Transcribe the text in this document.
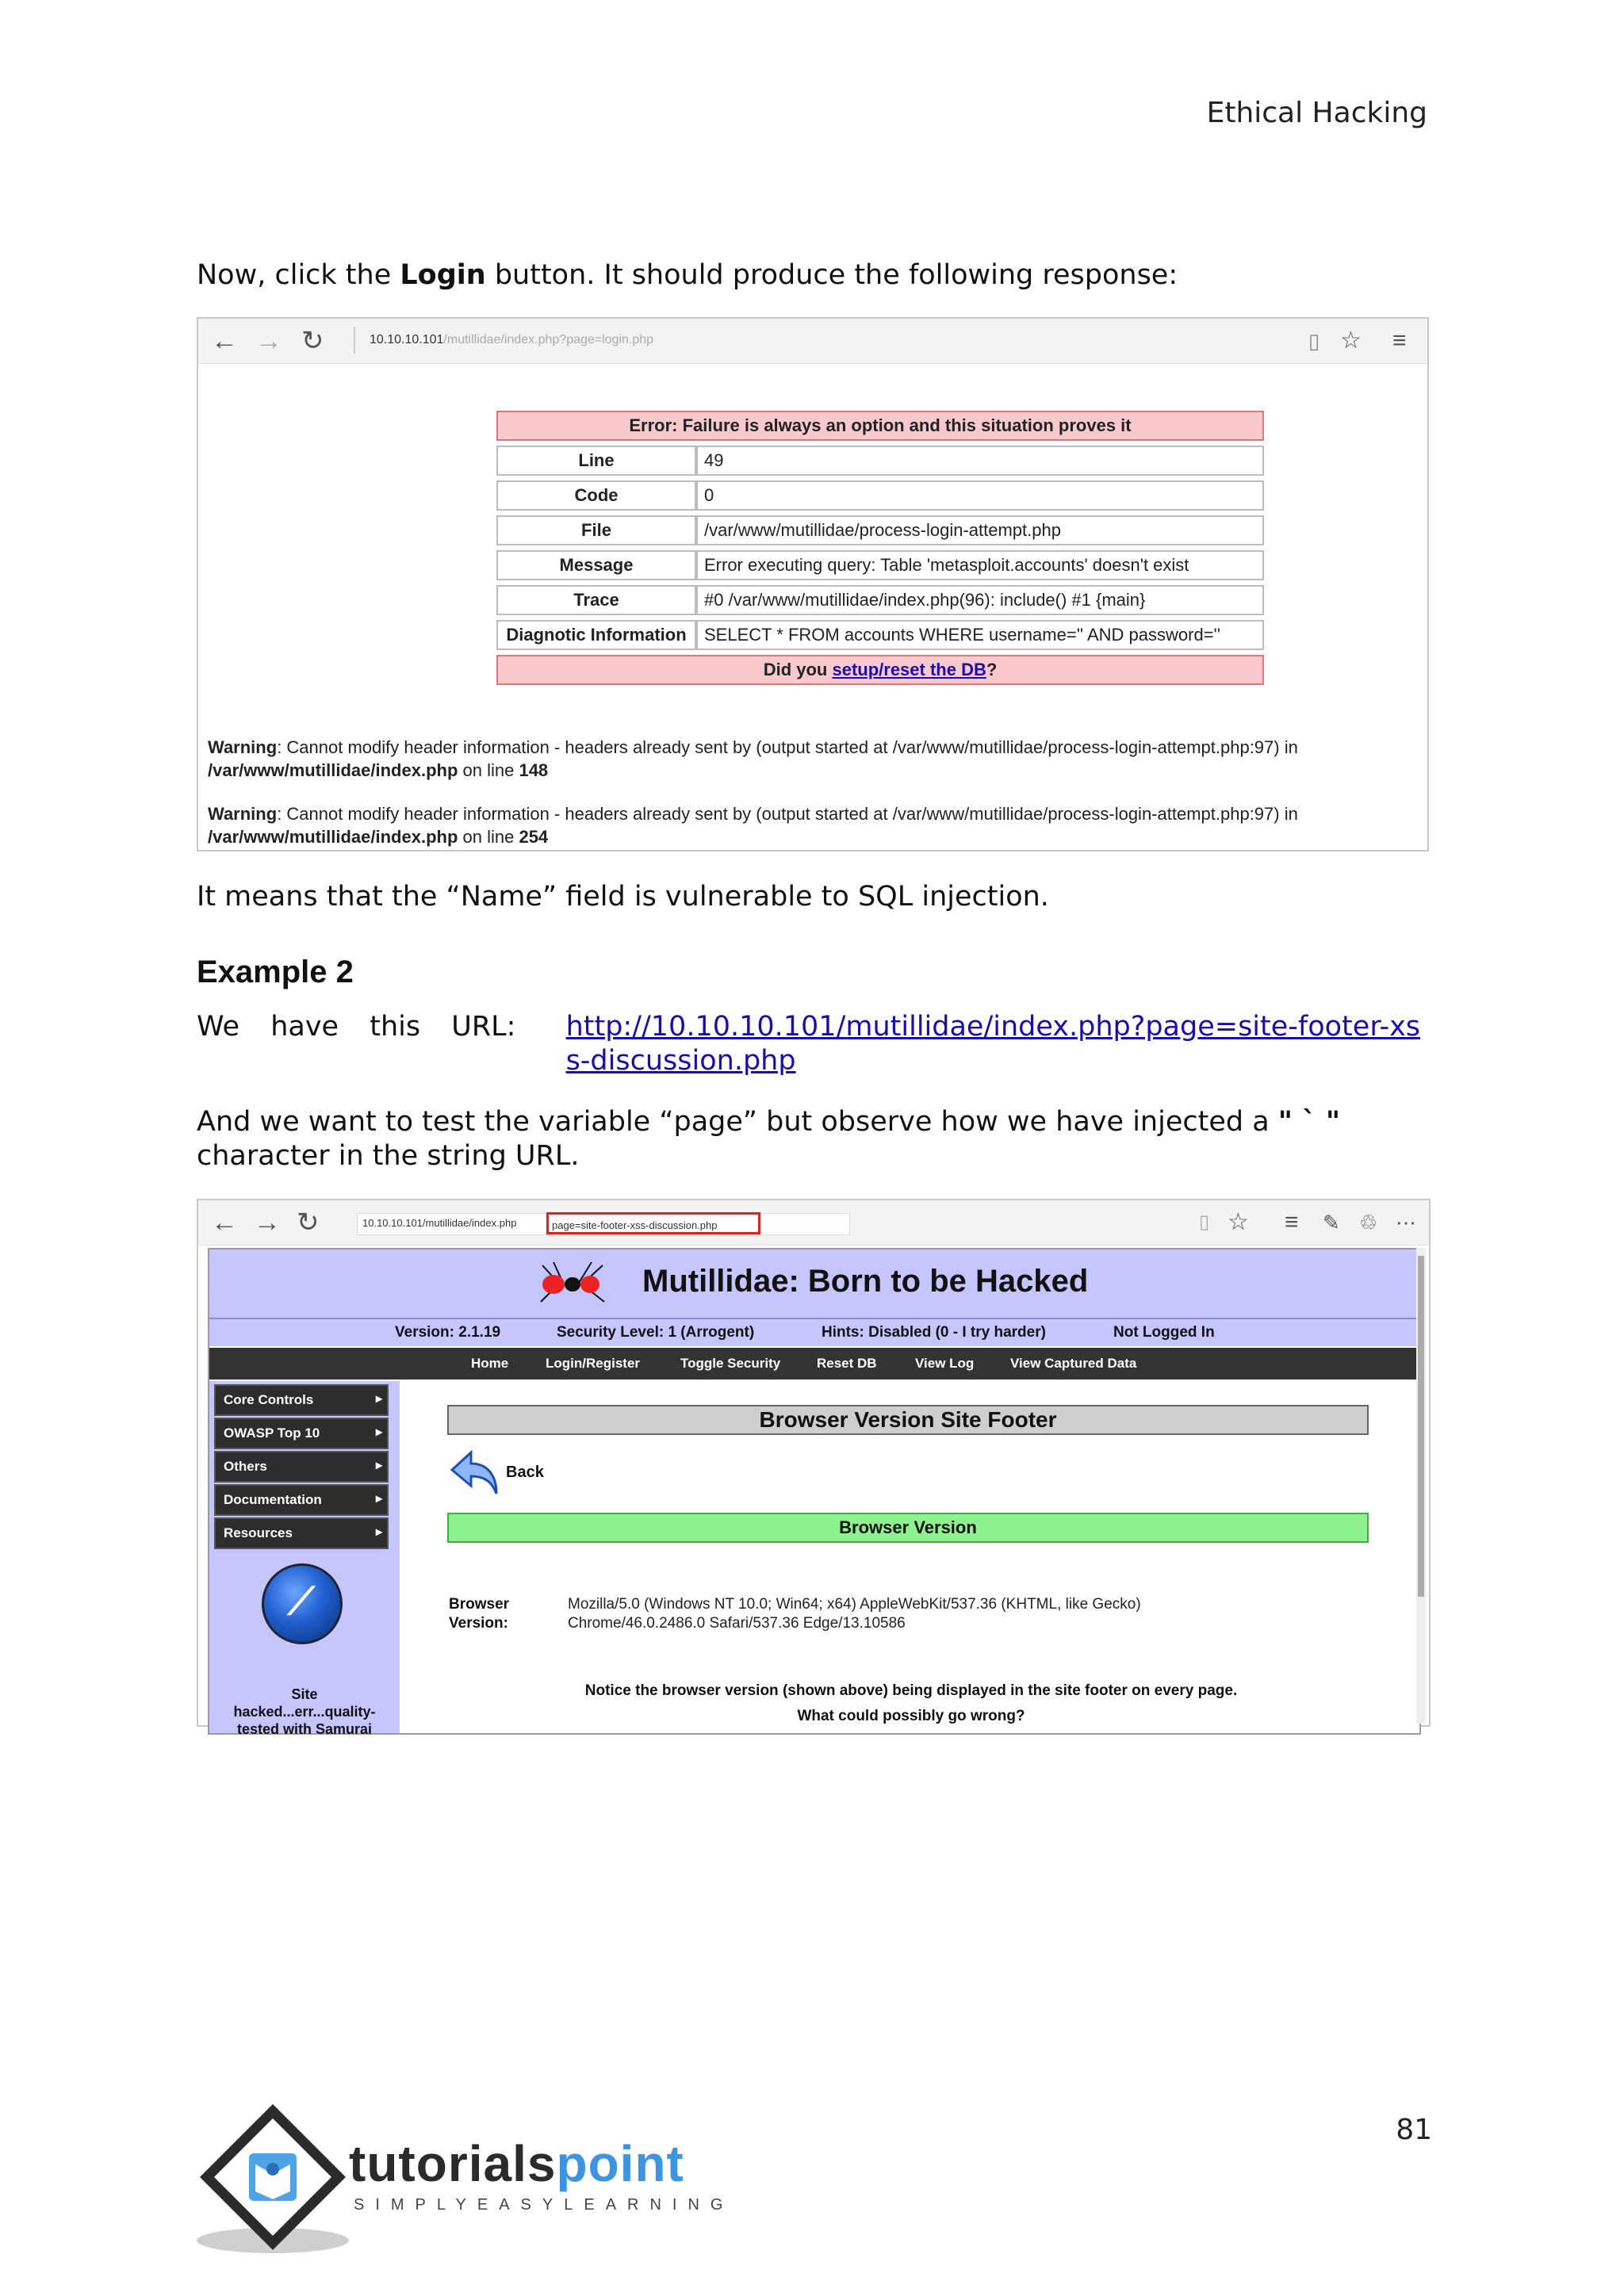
Ethical Hacking
Now, click the Login button. It should produce the following response:
← → ↻	10.10.10.101/mutillidae/index.php?page=login.php	▯ ☆ ≡
Error: Failure is always an option and this situation proves it	
Line	49
Code	0
File	/var/www/mutillidae/process-login-attempt.php
Message	Error executing query: Table 'metasploit.accounts' doesn't exist
Trace	#0 /var/www/mutillidae/index.php(96): include() #1 {main}
Diagnotic Information	SELECT * FROM accounts WHERE username='' AND password=''
Did you setup/reset the DB?	
Warning: Cannot modify header information - headers already sent by (output started at /var/www/mutillidae/process-login-attempt.php:97) in
/var/www/mutillidae/index.php on line 148
Warning: Cannot modify header information - headers already sent by (output started at /var/www/mutillidae/process-login-attempt.php:97) in
/var/www/mutillidae/index.php on line 254
It means that the “Name” field is vulnerable to SQL injection.
Example 2
We have this URL: http://10.10.10.101/mutillidae/index.php?page=site-footer-xss-discussion.php
And we want to test the variable “page” but observe how we have injected a " ` " character in the string URL.
← → ↻	10.10.10.101/mutillidae/index.php	page=site-footer-xss-discussion.php	▯ ☆ ≡ ✎ ♲ ⋯
Mutillidae: Born to be Hacked
Version: 2.1.19	Security Level: 1 (Arrogent)	Hints: Disabled (0 - I try harder)	Not Logged In
Home	Login/Register	Toggle Security	Reset DB	View Log	View Captured Data
Core Controls	▸
OWASP Top 10	▸
Others	▸
Documentation	▸
Resources	▸
⟋
Site
hacked...err...quality-
tested with Samurai
Browser Version Site Footer
Back
Browser Version
Browser Version:
Mozilla/5.0 (Windows NT 10.0; Win64; x64) AppleWebKit/537.36 (KHTML, like Gecko) Chrome/46.0.2486.0 Safari/537.36 Edge/13.10586
Notice the browser version (shown above) being displayed in the site footer on every page.
What could possibly go wrong?
tutorialspoint
SIMPLYEASYLEARNING
81
